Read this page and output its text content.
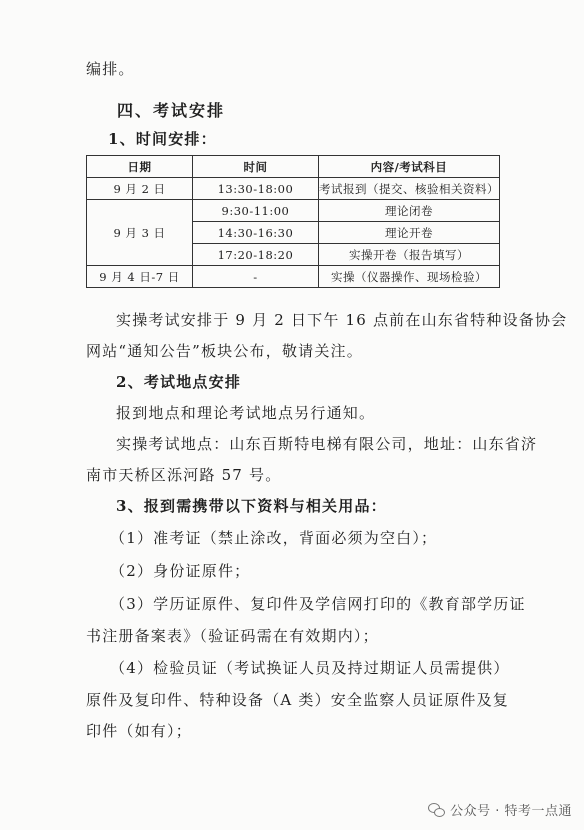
编排。
四、考试安排
1、时间安排：
日期	时间	内容/考试科目
9 月 2 日	13:30-18:00	考试报到（提交、核验相关资料）
9 月 3 日	9:30-11:00	理论闭卷
	14:30-16:30	理论开卷
	17:20-18:20	实操开卷（报告填写）
9 月 4 日-7 日	-	实操（仪器操作、现场检验）
实操考试安排于 9 月 2 日下午 16 点前在山东省特种设备协会
网站“通知公告”板块公布，敬请关注。
2、考试地点安排
报到地点和理论考试地点另行通知。
实操考试地点：山东百斯特电梯有限公司，地址：山东省济
南市天桥区泺河路 57 号。
3、报到需携带以下资料与相关用品：
（1）准考证（禁止涂改，背面必须为空白）；
（2）身份证原件；
（3）学历证原件、复印件及学信网打印的《教育部学历证
书注册备案表》（验证码需在有效期内）；
（4）检验员证（考试换证人员及持过期证人员需提供）
原件及复印件、特种设备（A 类）安全监察人员证原件及复
印件（如有）；
公众号 · 特考一点通
